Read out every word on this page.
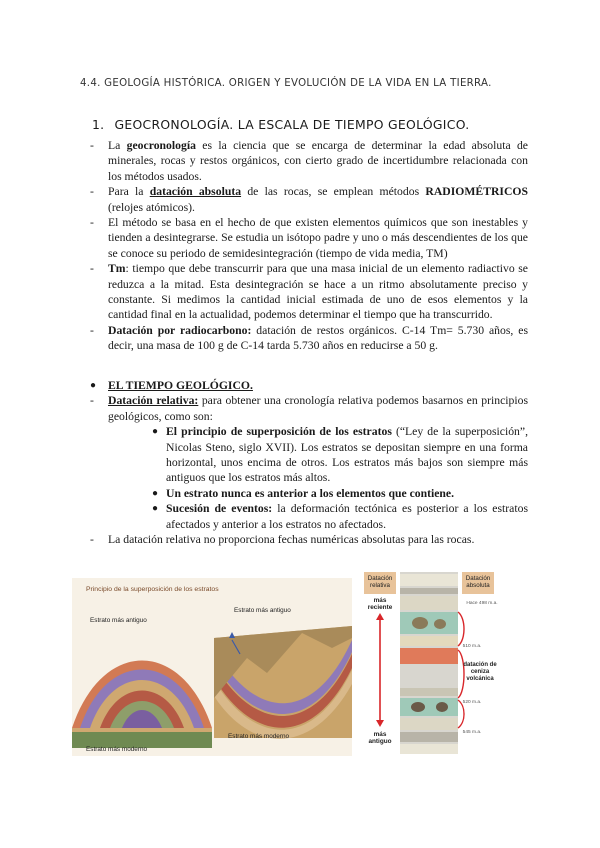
4.4. GEOLOGÍA HISTÓRICA. ORIGEN Y EVOLUCIÓN DE LA VIDA EN LA TIERRA.
1. GEOCRONOLOGÍA. LA ESCALA DE TIEMPO GEOLÓGICO.

- La geocronología es la ciencia que se encarga de determinar la edad absoluta de minerales, rocas y restos orgánicos, con cierto grado de incertidumbre relacionada con los métodos usados.

- Para la datación absoluta de las rocas, se emplean métodos RADIOMÉTRICOS (relojes atómicos).

- El método se basa en el hecho de que existen elementos químicos que son inestables y tienden a desintegrarse. Se estudia un isótopo padre y uno o más descendientes de los que se conoce su periodo de semidesintegración (tiempo de vida media, TM)

- Tm: tiempo que debe transcurrir para que una masa inicial de un elemento radiactivo se reduzca a la mitad. Esta desintegración se hace a un ritmo absolutamente preciso y constante. Si medimos la cantidad inicial estimada de uno de esos elementos y la cantidad final en la actualidad, podemos determinar el tiempo que ha transcurrido.

- Datación por radiocarbono: datación de restos orgánicos. C-14 Tm= 5.730 años, es decir, una masa de 100 g de C-14 tarda 5.730 años en reducirse a 50 g.

● EL TIEMPO GEOLÓGICO.

- Datación relativa: para obtener una cronología relativa podemos basarnos en principios geológicos, como son:

● El principio de superposición de los estratos (“Ley de la superposición”, Nicolas Steno, siglo XVII). Los estratos se depositan siempre en una forma horizontal, unos encima de otros. Los estratos más bajos son siempre más antiguos que los estratos más altos.

● Un estrato nunca es anterior a los elementos que contiene.

● Sucesión de eventos: la deformación tectónica es posterior a los estratos afectados y anterior a los estratos no afectados.

- La datación relativa no proporciona fechas numéricas absolutas para las rocas.

Principio de la superposición de los estratos
Estrato más antiguo
Estrato más antiguo
Estrato más moderno
Estrato más moderno
Datación relativa
Datación absoluta
más reciente
más antiguo
Hace 498 m.a.
510 m.a.
520 m.a.
545 m.a.
datación de ceniza volcánica
